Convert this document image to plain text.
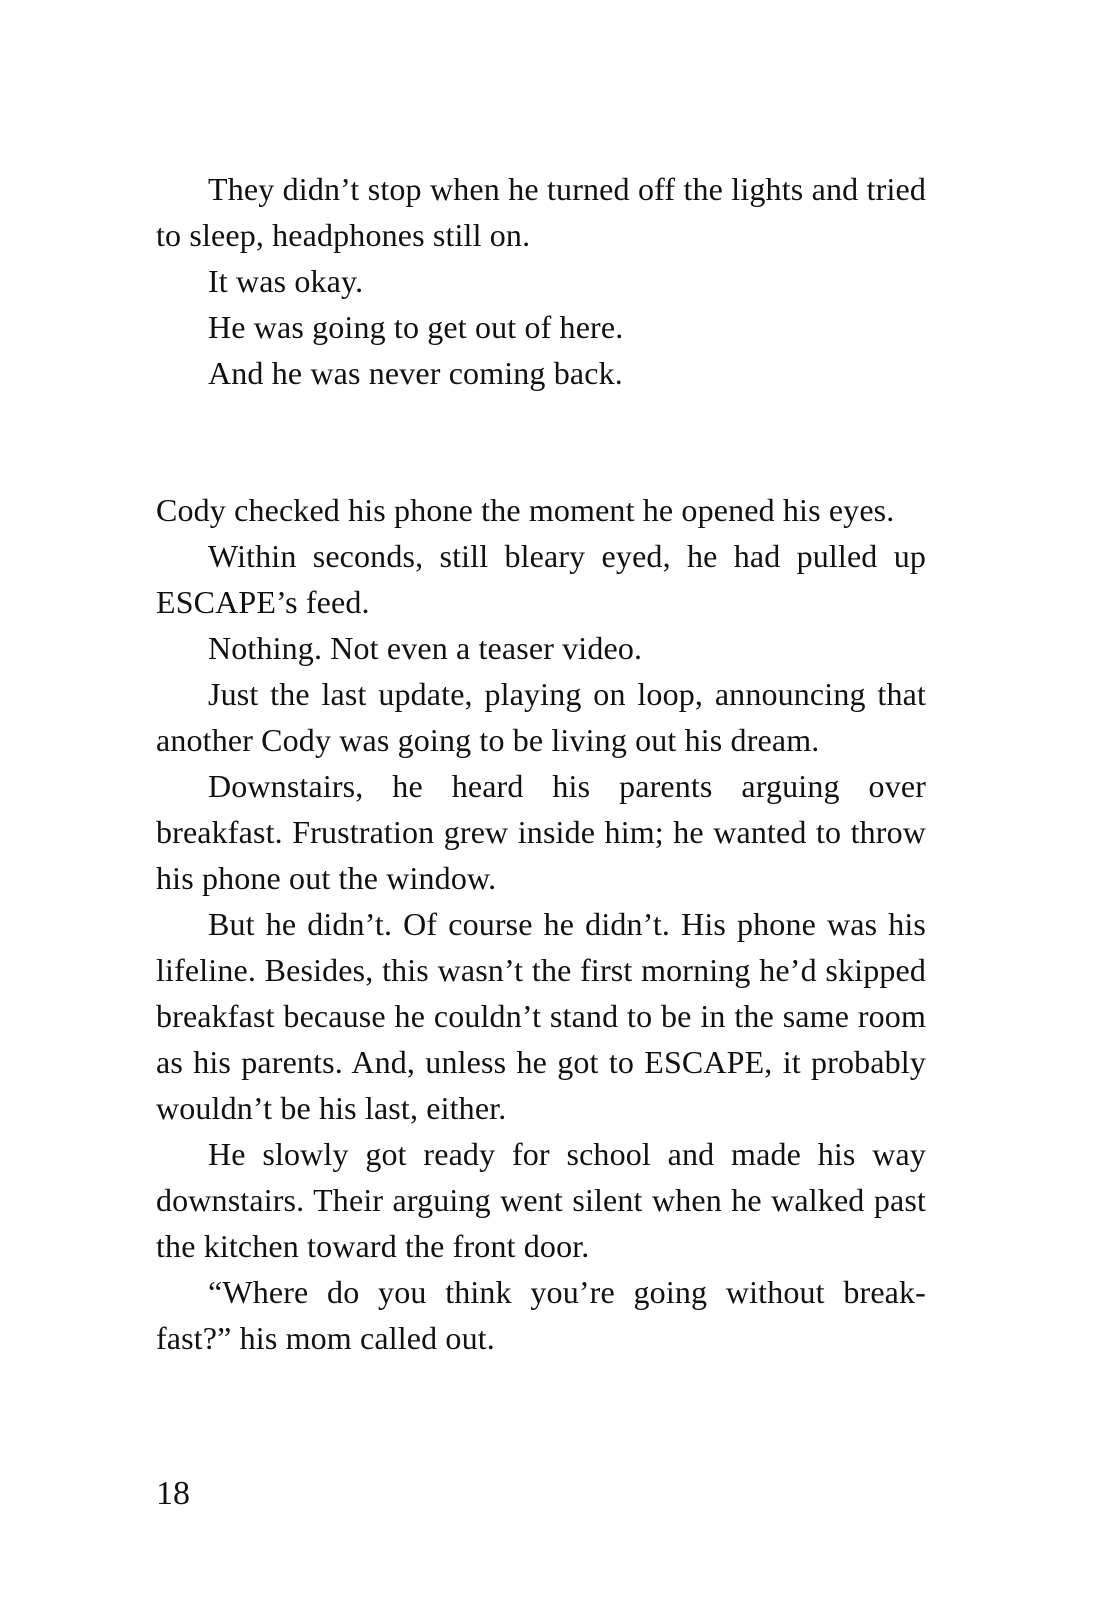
They didn’t stop when he turned off the lights and tried to sleep, headphones still on.

It was okay.

He was going to get out of here.

And he was never coming back.

Cody checked his phone the moment he opened his eyes.

Within seconds, still bleary eyed, he had pulled up ESCAPE’s feed.

Nothing. Not even a teaser video.

Just the last update, playing on loop, announcing that another Cody was going to be living out his dream.

Downstairs, he heard his parents arguing over breakfast. Frustration grew inside him; he wanted to throw his phone out the window.

But he didn’t. Of course he didn’t. His phone was his lifeline. Besides, this wasn’t the first morning he’d skipped breakfast because he couldn’t stand to be in the same room as his parents. And, unless he got to ESCAPE, it probably wouldn’t be his last, either.

He slowly got ready for school and made his way downstairs. Their arguing went silent when he walked past the kitchen toward the front door.

“Where do you think you’re going without break-fast?” his mom called out.

18
